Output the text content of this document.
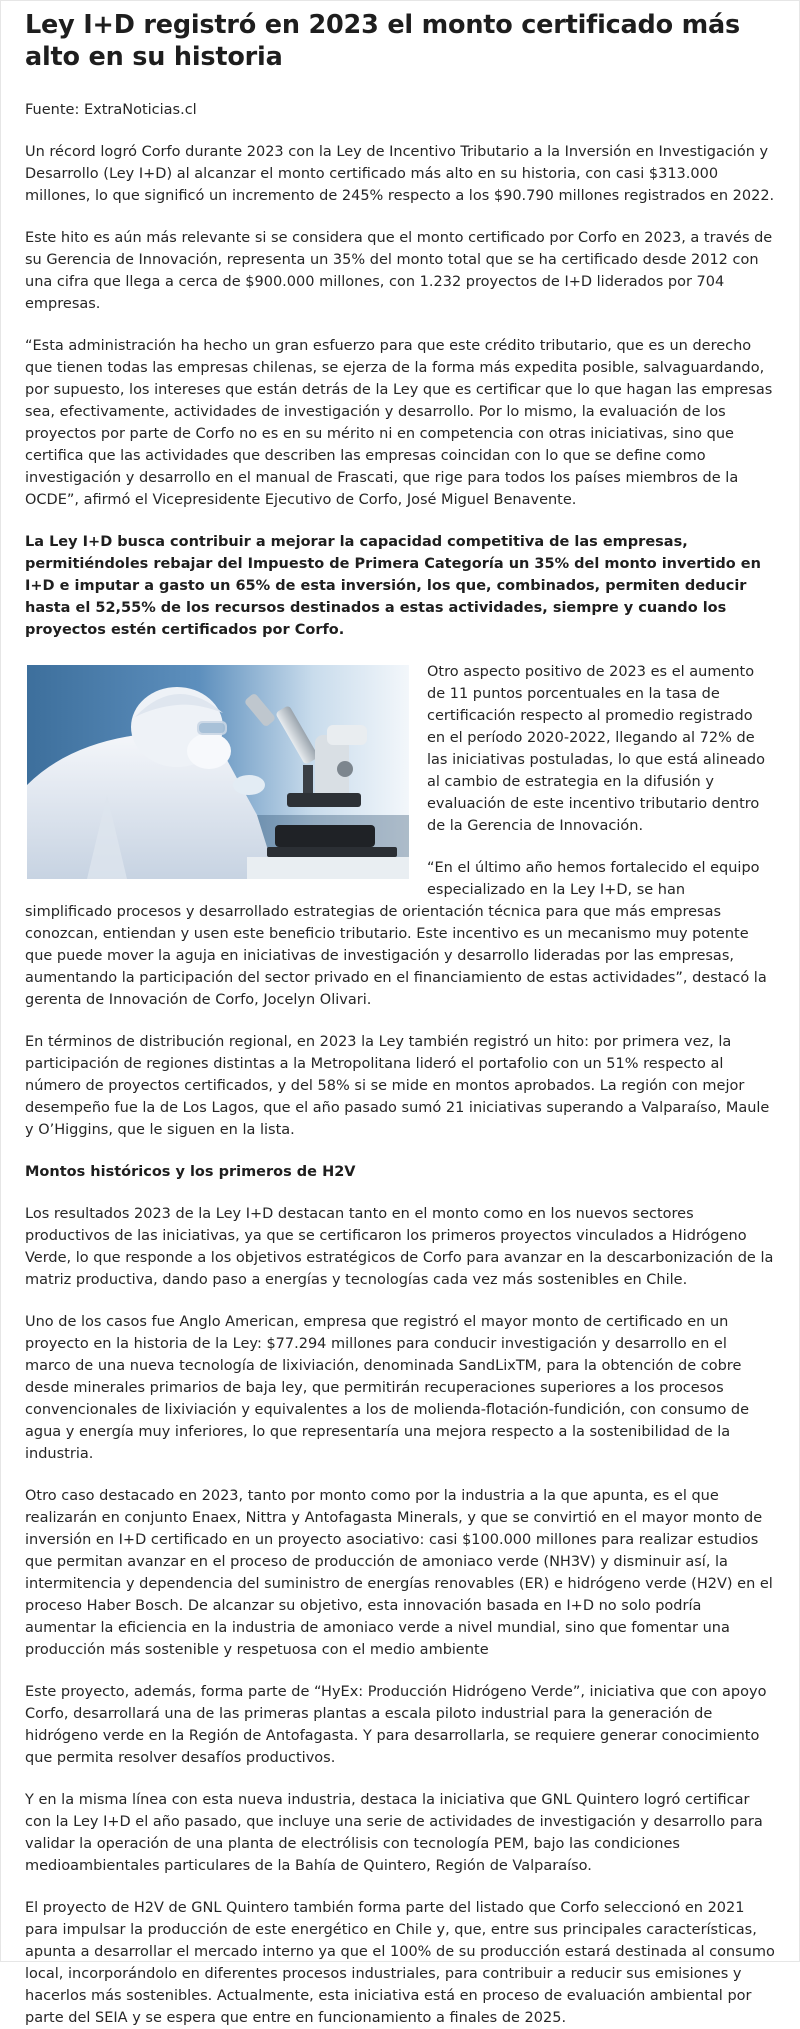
Ley I+D registró en 2023 el monto certificado más alto en su historia

Fuente: ExtraNoticias.cl

Un récord logró Corfo durante 2023 con la Ley de Incentivo Tributario a la Inversión en Investigación y Desarrollo (Ley I+D) al alcanzar el monto certificado más alto en su historia, con casi $313.000 millones, lo que significó un incremento de 245% respecto a los $90.790 millones registrados en 2022.

Este hito es aún más relevante si se considera que el monto certificado por Corfo en 2023, a través de su Gerencia de Innovación, representa un 35% del monto total que se ha certificado desde 2012 con una cifra que llega a cerca de $900.000 millones, con 1.232 proyectos de I+D liderados por 704 empresas.

“Esta administración ha hecho un gran esfuerzo para que este crédito tributario, que es un derecho que tienen todas las empresas chilenas, se ejerza de la forma más expedita posible, salvaguardando, por supuesto, los intereses que están detrás de la Ley que es certificar que lo que hagan las empresas sea, efectivamente, actividades de investigación y desarrollo. Por lo mismo, la evaluación de los proyectos por parte de Corfo no es en su mérito ni en competencia con otras iniciativas, sino que certifica que las actividades que describen las empresas coincidan con lo que se define como investigación y desarrollo en el manual de Frascati, que rige para todos los países miembros de la OCDE”, afirmó el Vicepresidente Ejecutivo de Corfo, José Miguel Benavente.

La Ley I+D busca contribuir a mejorar la capacidad competitiva de las empresas, permitiéndoles rebajar del Impuesto de Primera Categoría un 35% del monto invertido en I+D e imputar a gasto un 65% de esta inversión, los que, combinados, permiten deducir hasta el 52,55% de los recursos destinados a estas actividades, siempre y cuando los proyectos estén certificados por Corfo.

Otro aspecto positivo de 2023 es el aumento de 11 puntos porcentuales en la tasa de certificación respecto al promedio registrado en el período 2020-2022, llegando al 72% de las iniciativas postuladas, lo que está alineado al cambio de estrategia en la difusión y evaluación de este incentivo tributario dentro de la Gerencia de Innovación.

“En el último año hemos fortalecido el equipo especializado en la Ley I+D, se han simplificado procesos y desarrollado estrategias de orientación técnica para que más empresas conozcan, entiendan y usen este beneficio tributario. Este incentivo es un mecanismo muy potente que puede mover la aguja en iniciativas de investigación y desarrollo lideradas por las empresas, aumentando la participación del sector privado en el financiamiento de estas actividades”, destacó la gerenta de Innovación de Corfo, Jocelyn Olivari.

En términos de distribución regional, en 2023 la Ley también registró un hito: por primera vez, la participación de regiones distintas a la Metropolitana lideró el portafolio con un 51% respecto al número de proyectos certificados, y del 58% si se mide en montos aprobados. La región con mejor desempeño fue la de Los Lagos, que el año pasado sumó 21 iniciativas superando a Valparaíso, Maule y O’Higgins, que le siguen en la lista.

Montos históricos y los primeros de H2V

Los resultados 2023 de la Ley I+D destacan tanto en el monto como en los nuevos sectores productivos de las iniciativas, ya que se certificaron los primeros proyectos vinculados a Hidrógeno Verde, lo que responde a los objetivos estratégicos de Corfo para avanzar en la descarbonización de la matriz productiva, dando paso a energías y tecnologías cada vez más sostenibles en Chile.

Uno de los casos fue Anglo American, empresa que registró el mayor monto de certificado en un proyecto en la historia de la Ley: $77.294 millones para conducir investigación y desarrollo en el marco de una nueva tecnología de lixiviación, denominada SandLixTM, para la obtención de cobre desde minerales primarios de baja ley, que permitirán recuperaciones superiores a los procesos convencionales de lixiviación y equivalentes a los de molienda-flotación-fundición, con consumo de agua y energía muy inferiores, lo que representaría una mejora respecto a la sostenibilidad de la industria.

Otro caso destacado en 2023, tanto por monto como por la industria a la que apunta, es el que realizarán en conjunto Enaex, Nittra y Antofagasta Minerals, y que se convirtió en el mayor monto de inversión en I+D certificado en un proyecto asociativo: casi $100.000 millones para realizar estudios que permitan avanzar en el proceso de producción de amoniaco verde (NH3V) y disminuir así, la intermitencia y dependencia del suministro de energías renovables (ER) e hidrógeno verde (H2V) en el proceso Haber Bosch. De alcanzar su objetivo, esta innovación basada en I+D no solo podría aumentar la eficiencia en la industria de amoniaco verde a nivel mundial, sino que fomentar una producción más sostenible y respetuosa con el medio ambiente

Este proyecto, además, forma parte de “HyEx: Producción Hidrógeno Verde”, iniciativa que con apoyo Corfo, desarrollará una de las primeras plantas a escala piloto industrial para la generación de hidrógeno verde en la Región de Antofagasta. Y para desarrollarla, se requiere generar conocimiento que permita resolver desafíos productivos.

Y en la misma línea con esta nueva industria, destaca la iniciativa que GNL Quintero logró certificar con la Ley I+D el año pasado, que incluye una serie de actividades de investigación y desarrollo para validar la operación de una planta de electrólisis con tecnología PEM, bajo las condiciones medioambientales particulares de la Bahía de Quintero, Región de Valparaíso.

El proyecto de H2V de GNL Quintero también forma parte del listado que Corfo seleccionó en 2021 para impulsar la producción de este energético en Chile y, que, entre sus principales características, apunta a desarrollar el mercado interno ya que el 100% de su producción estará destinada al consumo local, incorporándolo en diferentes procesos industriales, para contribuir a reducir sus emisiones y hacerlos más sostenibles. Actualmente, esta iniciativa está en proceso de evaluación ambiental por parte del SEIA y se espera que entre en funcionamiento a finales de 2025.
